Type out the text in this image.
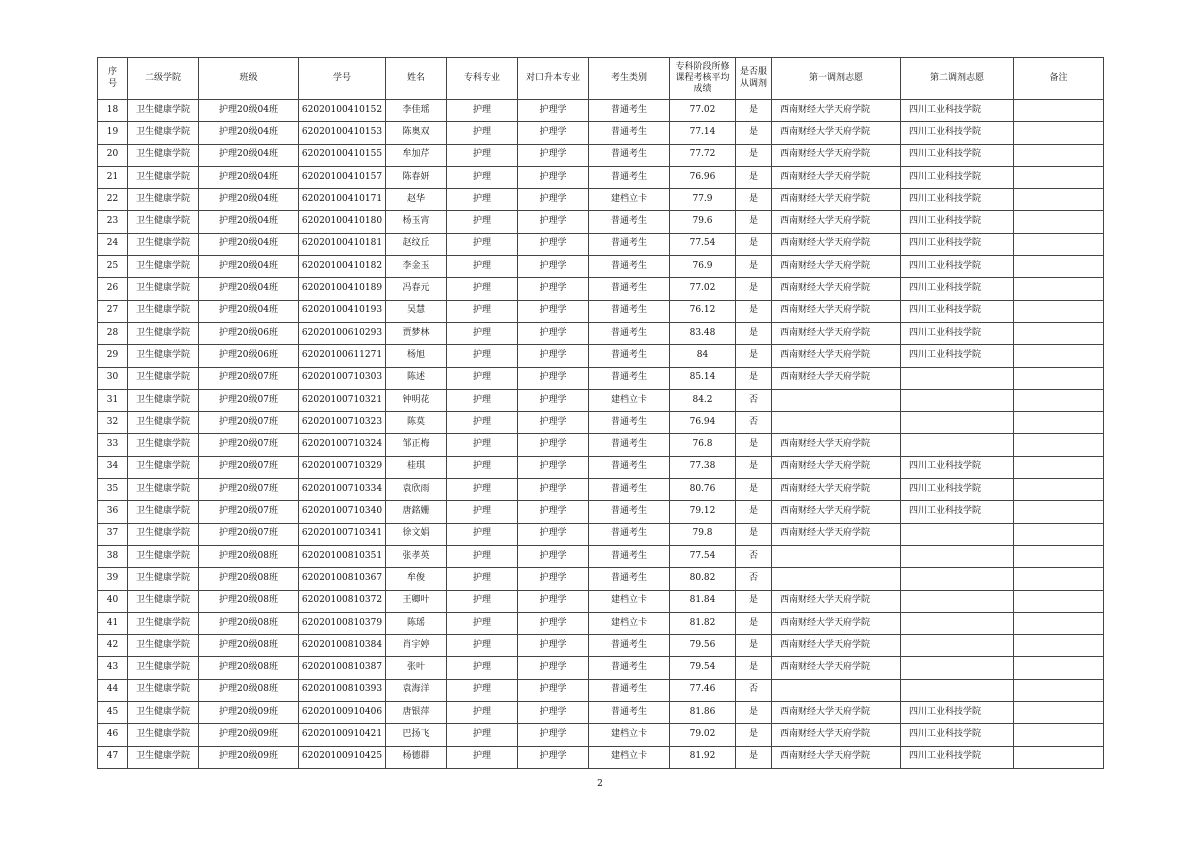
序号	二级学院	班级	学号	姓名	专科专业	对口升本专业	考生类别	专科阶段所修课程考核平均成绩	是否服从调剂	第一调剂志愿	第二调剂志愿	备注
18	卫生健康学院	护理20级04班	62020100410152	李佳瑶	护理	护理学	普通考生	77.02	是	西南财经大学天府学院	四川工业科技学院	
19	卫生健康学院	护理20级04班	62020100410153	陈奥双	护理	护理学	普通考生	77.14	是	西南财经大学天府学院	四川工业科技学院	
20	卫生健康学院	护理20级04班	62020100410155	牟加芹	护理	护理学	普通考生	77.72	是	西南财经大学天府学院	四川工业科技学院	
21	卫生健康学院	护理20级04班	62020100410157	陈春妍	护理	护理学	普通考生	76.96	是	西南财经大学天府学院	四川工业科技学院	
22	卫生健康学院	护理20级04班	62020100410171	赵华	护理	护理学	建档立卡	77.9	是	西南财经大学天府学院	四川工业科技学院	
23	卫生健康学院	护理20级04班	62020100410180	杨玉宵	护理	护理学	普通考生	79.6	是	西南财经大学天府学院	四川工业科技学院	
24	卫生健康学院	护理20级04班	62020100410181	赵纹丘	护理	护理学	普通考生	77.54	是	西南财经大学天府学院	四川工业科技学院	
25	卫生健康学院	护理20级04班	62020100410182	李金玉	护理	护理学	普通考生	76.9	是	西南财经大学天府学院	四川工业科技学院	
26	卫生健康学院	护理20级04班	62020100410189	冯春元	护理	护理学	普通考生	77.02	是	西南财经大学天府学院	四川工业科技学院	
27	卫生健康学院	护理20级04班	62020100410193	吴慧	护理	护理学	普通考生	76.12	是	西南财经大学天府学院	四川工业科技学院	
28	卫生健康学院	护理20级06班	62020100610293	贾梦林	护理	护理学	普通考生	83.48	是	西南财经大学天府学院	四川工业科技学院	
29	卫生健康学院	护理20级06班	62020100611271	杨旭	护理	护理学	普通考生	84	是	西南财经大学天府学院	四川工业科技学院	
30	卫生健康学院	护理20级07班	62020100710303	陈述	护理	护理学	普通考生	85.14	是	西南财经大学天府学院		
31	卫生健康学院	护理20级07班	62020100710321	钟明花	护理	护理学	建档立卡	84.2	否			
32	卫生健康学院	护理20级07班	62020100710323	陈莫	护理	护理学	普通考生	76.94	否			
33	卫生健康学院	护理20级07班	62020100710324	邹正梅	护理	护理学	普通考生	76.8	是	西南财经大学天府学院		
34	卫生健康学院	护理20级07班	62020100710329	桂琪	护理	护理学	普通考生	77.38	是	西南财经大学天府学院	四川工业科技学院	
35	卫生健康学院	护理20级07班	62020100710334	袁欣雨	护理	护理学	普通考生	80.76	是	西南财经大学天府学院	四川工业科技学院	
36	卫生健康学院	护理20级07班	62020100710340	唐銘姗	护理	护理学	普通考生	79.12	是	西南财经大学天府学院	四川工业科技学院	
37	卫生健康学院	护理20级07班	62020100710341	徐文娟	护理	护理学	普通考生	79.8	是	西南财经大学天府学院		
38	卫生健康学院	护理20级08班	62020100810351	张孝英	护理	护理学	普通考生	77.54	否			
39	卫生健康学院	护理20级08班	62020100810367	牟俊	护理	护理学	普通考生	80.82	否			
40	卫生健康学院	护理20级08班	62020100810372	王卿叶	护理	护理学	建档立卡	81.84	是	西南财经大学天府学院		
41	卫生健康学院	护理20级08班	62020100810379	陈瑶	护理	护理学	建档立卡	81.82	是	西南财经大学天府学院		
42	卫生健康学院	护理20级08班	62020100810384	肖宇婷	护理	护理学	普通考生	79.56	是	西南财经大学天府学院		
43	卫生健康学院	护理20级08班	62020100810387	张叶	护理	护理学	普通考生	79.54	是	西南财经大学天府学院		
44	卫生健康学院	护理20级08班	62020100810393	袁海洋	护理	护理学	普通考生	77.46	否			
45	卫生健康学院	护理20级09班	62020100910406	唐银萍	护理	护理学	普通考生	81.86	是	西南财经大学天府学院	四川工业科技学院	
46	卫生健康学院	护理20级09班	62020100910421	巴扬飞	护理	护理学	建档立卡	79.02	是	西南财经大学天府学院	四川工业科技学院	
47	卫生健康学院	护理20级09班	62020100910425	杨德群	护理	护理学	建档立卡	81.92	是	西南财经大学天府学院	四川工业科技学院	
2
